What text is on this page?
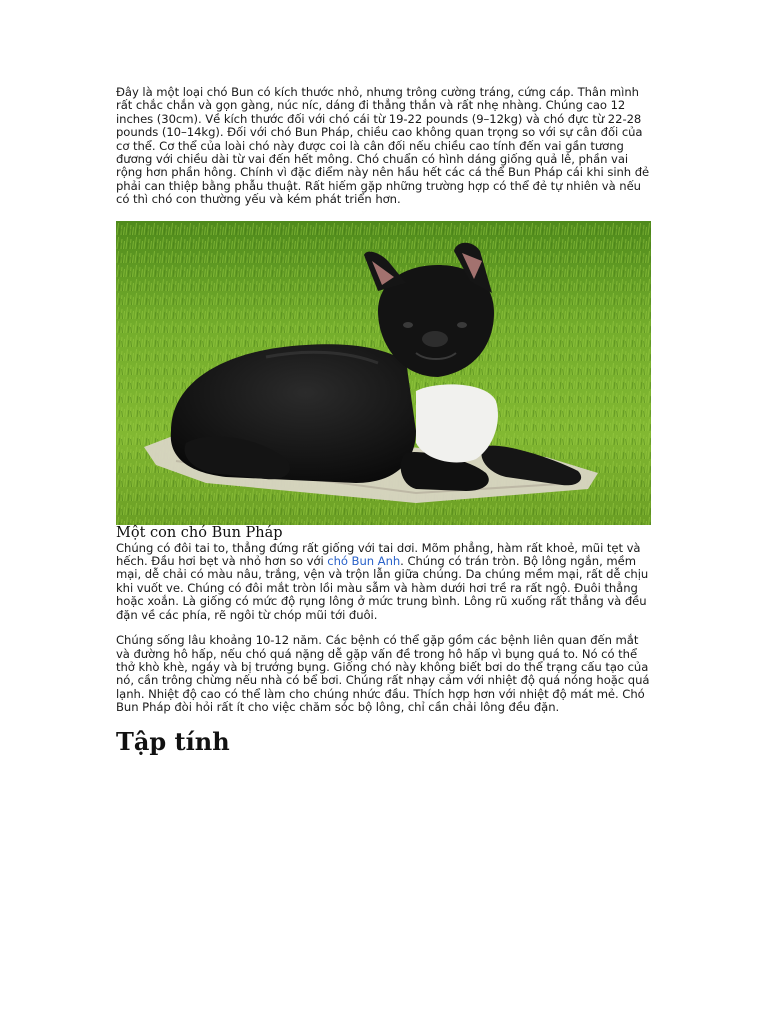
Đây là một loại chó Bun có kích thước nhỏ, nhưng trông cường tráng, cứng cáp. Thân mình rất chắc chắn và gọn gàng, núc níc, dáng đi thẳng thắn và rất nhẹ nhàng. Chúng cao 12 inches (30cm). Về kích thước đối với chó cái từ 19-22 pounds (9–12kg) và chó đực từ 22-28 pounds (10–14kg). Đối với chó Bun Pháp, chiều cao không quan trọng so với sự cân đối của cơ thể. Cơ thể của loài chó này được coi là cân đối nếu chiều cao tính đến vai gần tương đương với chiều dài từ vai đến hết mông. Chó chuẩn có hình dáng giống quả lê, phần vai rộng hơn phần hông. Chính vì đặc điểm này nên hầu hết các cá thể Bun Pháp cái khi sinh đẻ phải can thiệp bằng phẫu thuật. Rất hiếm gặp những trường hợp có thể đẻ tự nhiên và nếu có thì chó con thường yếu và kém phát triển hơn.

Một con chó Bun Pháp

Chúng có đôi tai to, thẳng đứng rất giống với tai dơi. Mõm phẳng, hàm rất khoẻ, mũi tẹt và hếch. Đầu hơi bẹt và nhỏ hơn so với chó Bun Anh. Chúng có trán tròn. Bộ lông ngắn, mềm mại, dễ chải có màu nâu, trắng, vện và trộn lẫn giữa chúng. Da chúng mềm mại, rất dễ chịu khi vuốt ve. Chúng có đôi mắt tròn lồi màu sẫm và hàm dưới hơi trề ra rất ngộ. Đuôi thẳng hoặc xoắn. Là giống có mức độ rụng lông ở mức trung bình. Lông rũ xuống rất thẳng và đều đặn về các phía, rẽ ngôi từ chóp mũi tới đuôi.

Chúng sống lâu khoảng 10-12 năm. Các bệnh có thể gặp gồm các bệnh liên quan đến mắt và đường hô hấp, nếu chó quá nặng dễ gặp vấn đề trong hô hấp vì bụng quá to. Nó có thể thở khò khè, ngáy và bị trướng bụng. Giống chó này không biết bơi do thể trạng cấu tạo của nó, cần trông chừng nếu nhà có bể bơi. Chúng rất nhạy cảm với nhiệt độ quá nóng hoặc quá lạnh. Nhiệt độ cao có thể làm cho chúng nhức đầu. Thích hợp hơn với nhiệt độ mát mẻ. Chó Bun Pháp đòi hỏi rất ít cho việc chăm sóc bộ lông, chỉ cần chải lông đều đặn.

Tập tính
